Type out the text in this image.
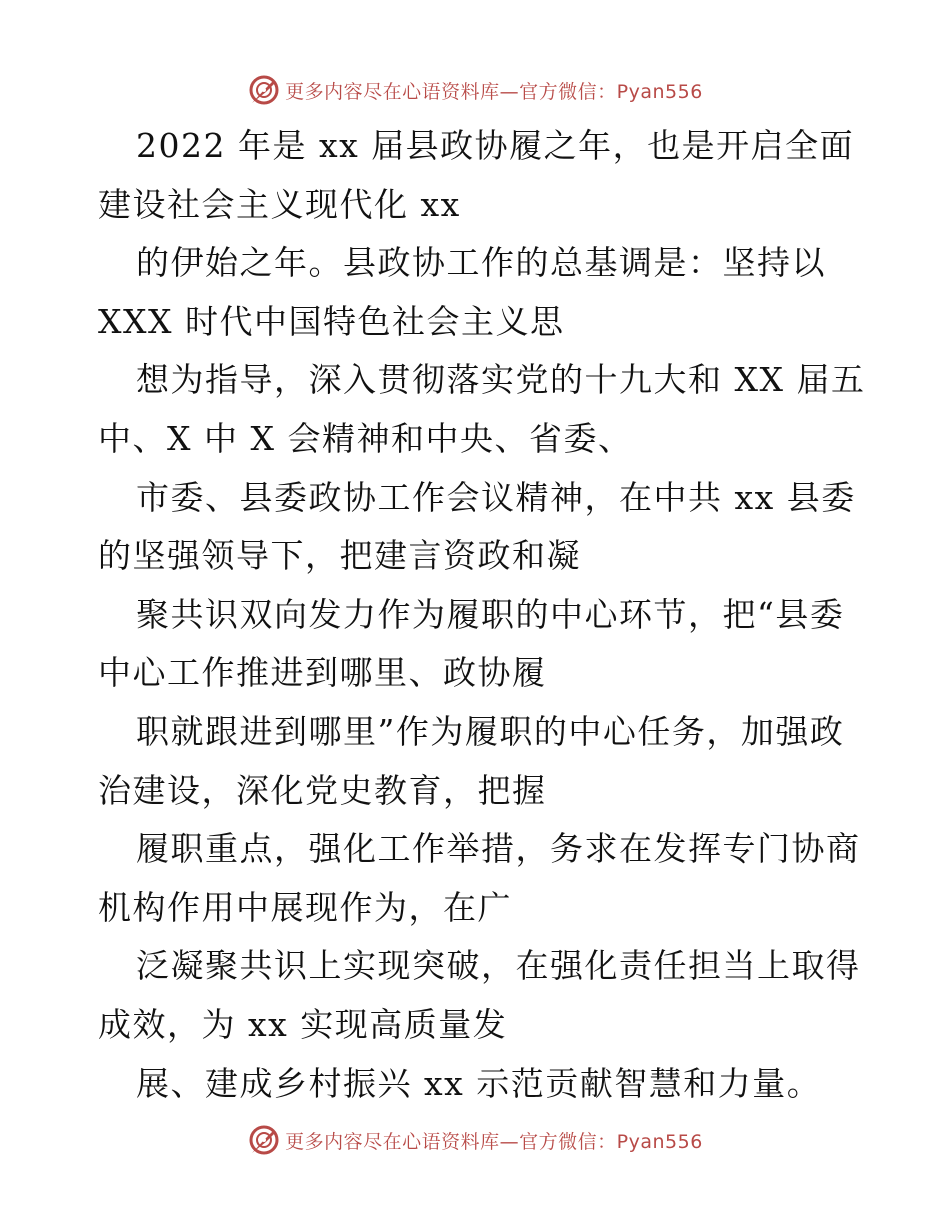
更多内容尽在心语资料库—官方微信：Pyan556
2022 年是 xx 届县政协履之年，也是开启全面
建设社会主义现代化 xx
的伊始之年。县政协工作的总基调是：坚持以
XXX 时代中国特色社会主义思
想为指导，深入贯彻落实党的十九大和 XX 届五
中、X 中 X 会精神和中央、省委、
市委、县委政协工作会议精神，在中共 xx 县委
的坚强领导下，把建言资政和凝
聚共识双向发力作为履职的中心环节，把“县委
中心工作推进到哪里、政协履
职就跟进到哪里”作为履职的中心任务，加强政
治建设，深化党史教育，把握
履职重点，强化工作举措，务求在发挥专门协商
机构作用中展现作为，在广
泛凝聚共识上实现突破，在强化责任担当上取得
成效，为 xx 实现高质量发
展、建成乡村振兴 xx 示范贡献智慧和力量。
更多内容尽在心语资料库—官方微信：Pyan556
